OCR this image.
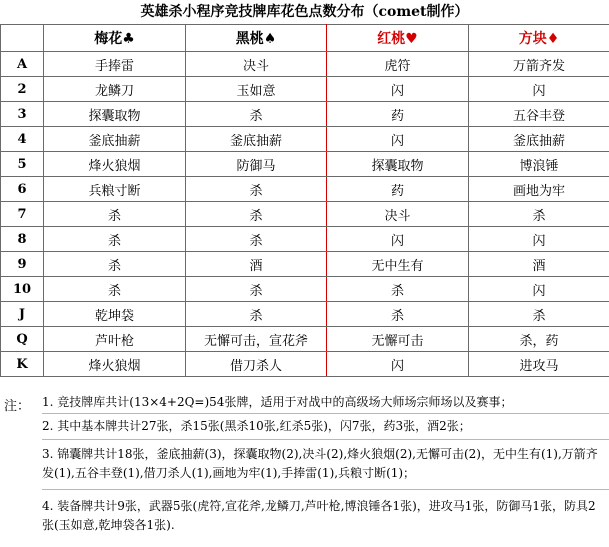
英雄杀小程序竞技牌库花色点数分布（comet制作）
	梅花♣	黑桃♠	红桃♥	方块♦
A	手捧雷	决斗	虎符	万箭齐发
2	龙鳞刀	玉如意	闪	闪
3	探囊取物	杀	药	五谷丰登
4	釜底抽薪	釜底抽薪	闪	釜底抽薪
5	烽火狼烟	防御马	探囊取物	博浪锤
6	兵粮寸断	杀	药	画地为牢
7	杀	杀	决斗	杀
8	杀	杀	闪	闪
9	杀	酒	无中生有	酒
10	杀	杀	杀	闪
J	乾坤袋	杀	杀	杀
Q	芦叶枪	无懈可击，宣花斧	无懈可击	杀，药
K	烽火狼烟	借刀杀人	闪	进攻马
注： 1. 竞技牌库共计(13×4+2Q=)54张牌，适用于对战中的高级场大师场宗师场以及赛事；
2. 其中基本牌共计27张，杀15张(黑杀10张,红杀5张)，闪7张，药3张，酒2张；
3. 锦囊牌共计18张，釜底抽薪(3)，探囊取物(2),决斗(2),烽火狼烟(2),无懈可击(2)，无中生有(1),万箭齐发(1),五谷丰登(1),借刀杀人(1),画地为牢(1),手捧雷(1),兵粮寸断(1)；
4. 装备牌共计9张，武器5张(虎符,宣花斧,龙鳞刀,芦叶枪,博浪锤各1张)，进攻马1张，防御马1张，防具2张(玉如意,乾坤袋各1张).
